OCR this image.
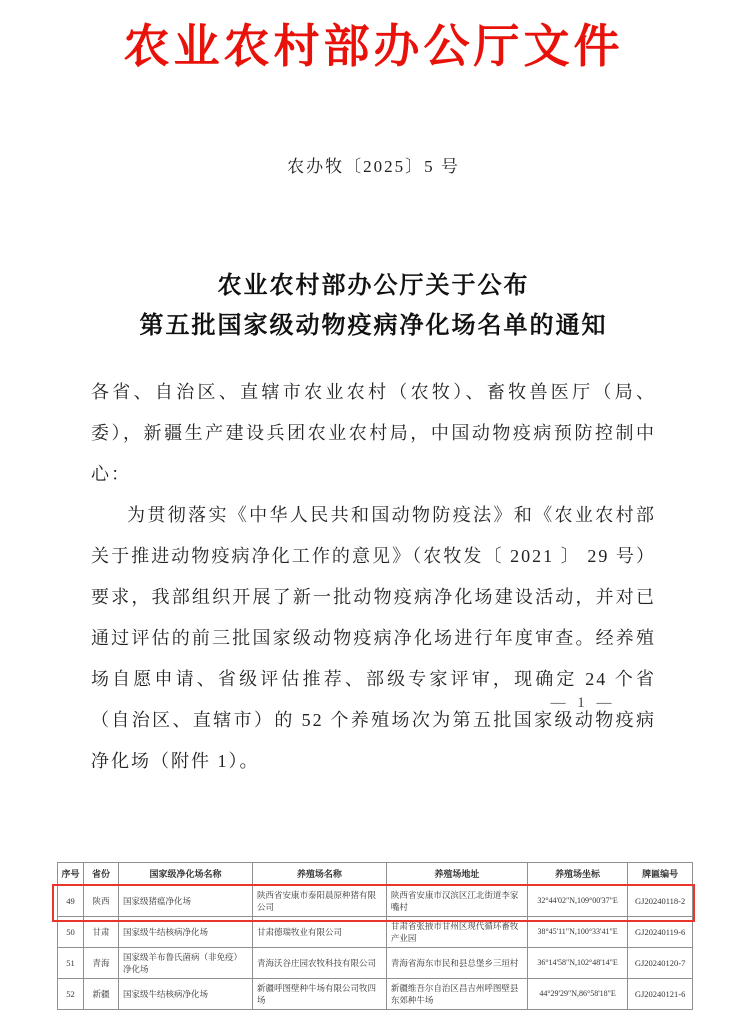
农业农村部办公厅文件
农办牧〔2025〕5 号
农业农村部办公厅关于公布
第五批国家级动物疫病净化场名单的通知

各省、自治区、直辖市农业农村（农牧）、畜牧兽医厅（局、委），新疆生产建设兵团农业农村局，中国动物疫病预防控制中心：

为贯彻落实《中华人民共和国动物防疫法》和《农业农村部关于推进动物疫病净化工作的意见》（农牧发〔 2021 〕 29 号）要求，我部组织开展了新一批动物疫病净化场建设活动，并对已通过评估的前三批国家级动物疫病净化场进行年度审查。经养殖场自愿申请、省级评估推荐、部级专家评审，现确定 24 个省（自治区、直辖市）的 52 个养殖场次为第五批国家级动物疫病净化场（附件 1）。

— 1 —
序号	省份	国家级净化场名称	养殖场名称	养殖场地址	养殖场坐标	牌匾编号
49	陕西	国家级猪瘟净化场	陕西省安康市泰阳晨原种猪有限公司	陕西省安康市汉滨区江北街道李家嘴村	32°44'02"N,109°00'37"E	GJ20240118-2
50	甘肃	国家级牛结核病净化场	甘肃德瑞牧业有限公司	甘肃省张掖市甘州区现代循环畜牧产业园	38°45'11"N,100°33'41"E	GJ20240119-6
51	青海	国家级羊布鲁氏菌病（非免疫）净化场	青海沃谷庄园农牧科技有限公司	青海省海东市民和县总堡乡三垣村	36°14'58"N,102°48'14"E	GJ20240120-7
52	新疆	国家级牛结核病净化场	新疆呼图壁种牛场有限公司牧四场	新疆维吾尔自治区昌吉州呼图壁县东郊种牛场	44°29'29"N,86°58'18"E	GJ20240121-6
